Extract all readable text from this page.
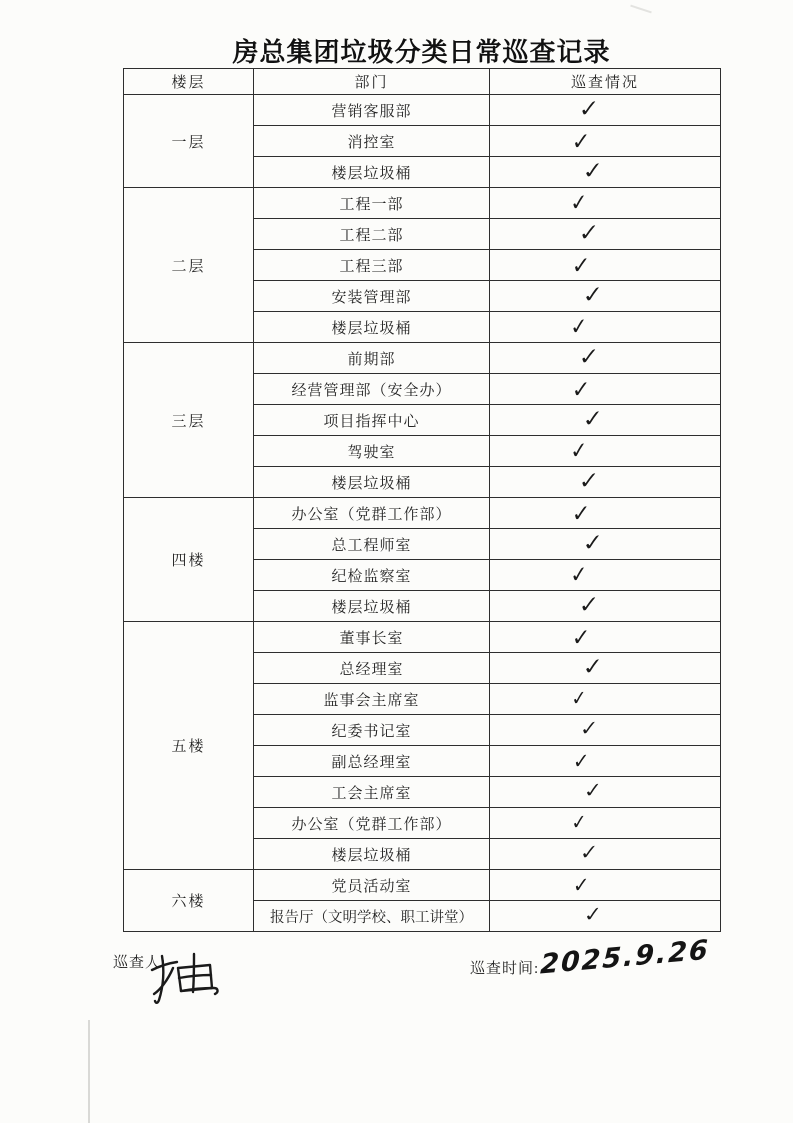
房总集团垃圾分类日常巡查记录
楼层	部门	巡查情况
一层	营销客服部	✓
	消控室	✓
	楼层垃圾桶	✓
二层	工程一部	✓
	工程二部	✓
	工程三部	✓
	安装管理部	✓
	楼层垃圾桶	✓
三层	前期部	✓
	经营管理部（安全办）	✓
	项目指挥中心	✓
	驾驶室	✓
	楼层垃圾桶	✓
四楼	办公室（党群工作部）	✓
	总工程师室	✓
	纪检监察室	✓
	楼层垃圾桶	✓
五楼	董事长室	✓
	总经理室	✓
	监事会主席室	✓
	纪委书记室	✓
	副总经理室	✓
	工会主席室	✓
	办公室（党群工作部）	✓
	楼层垃圾桶	✓
六楼	党员活动室	✓
	报告厅（文明学校、职工讲堂）	✓
巡查人:	巡查时间: 2025.9.26
